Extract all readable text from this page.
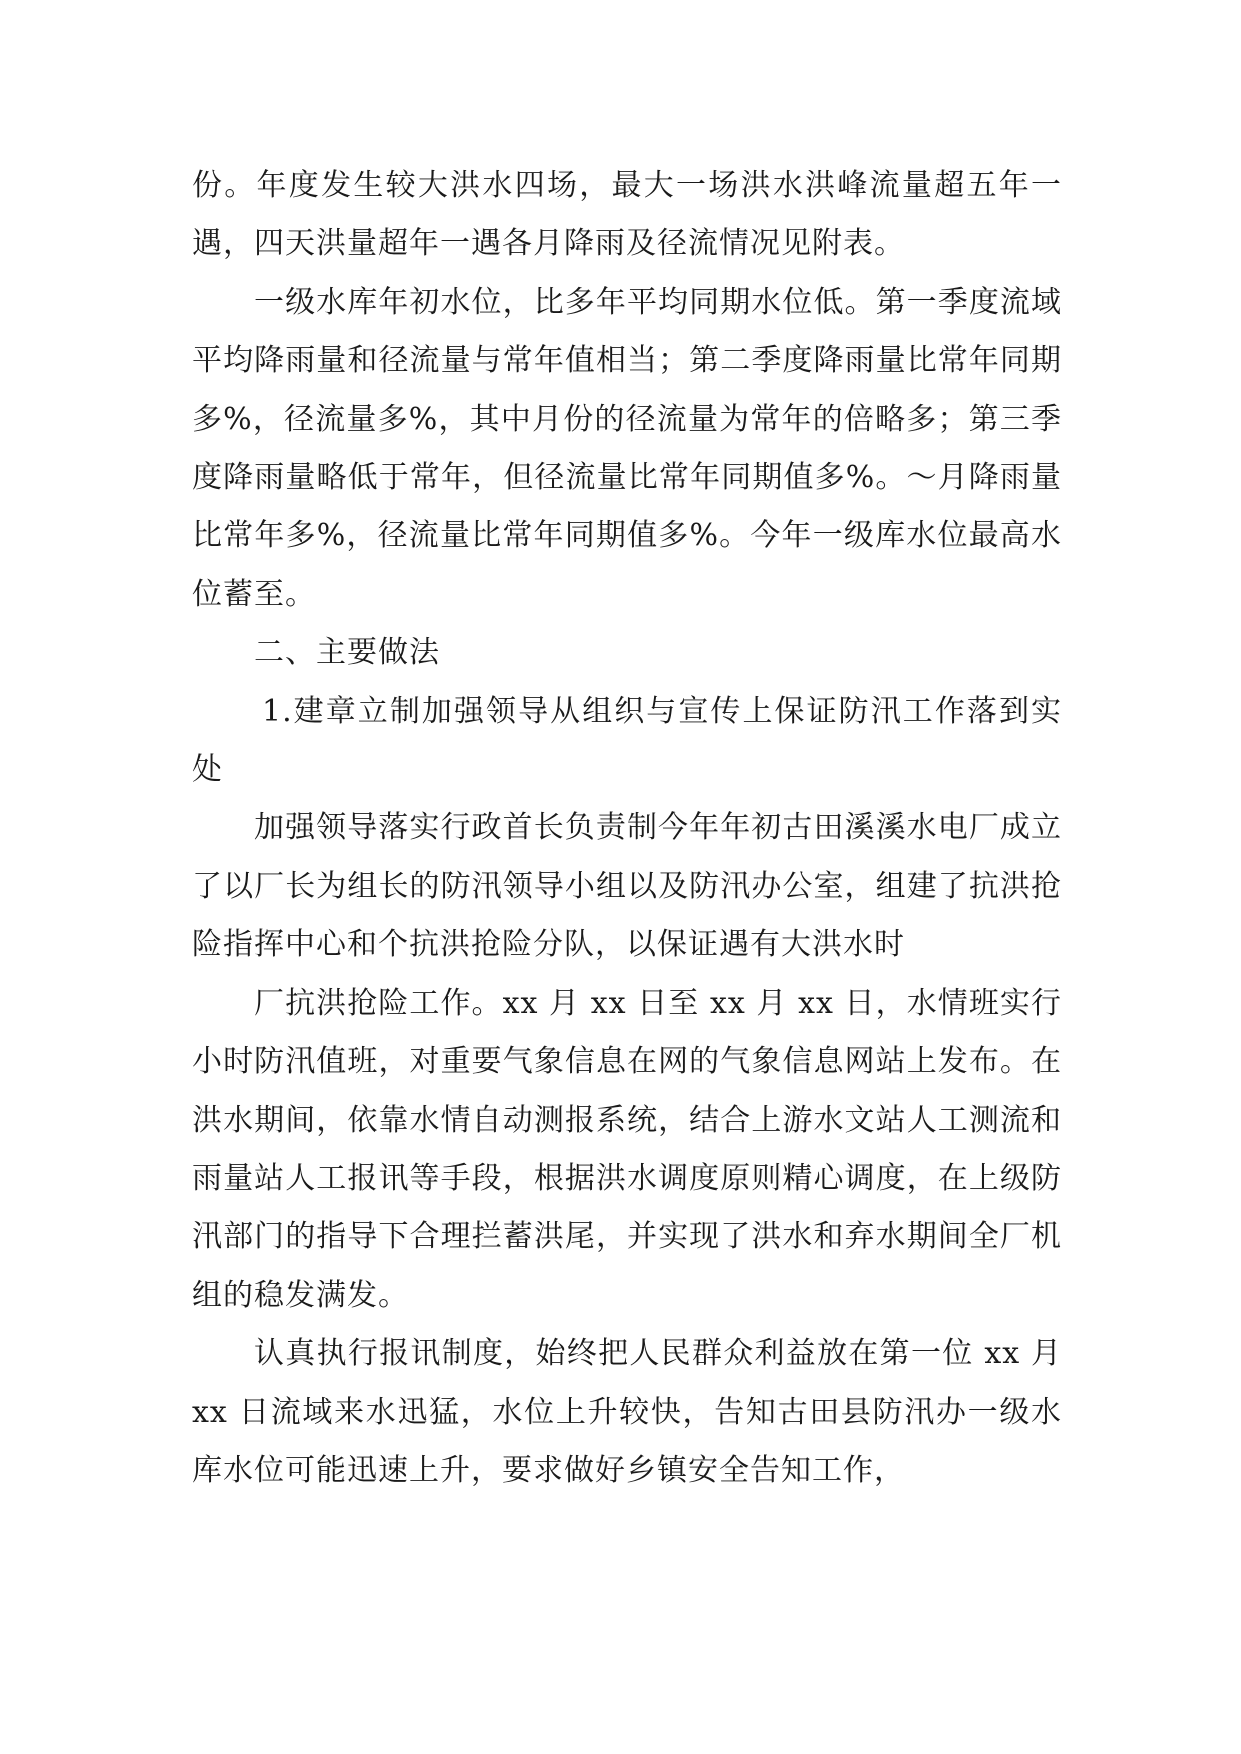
份。年度发生较大洪水四场，最大一场洪水洪峰流量超五年一遇，四天洪量超年一遇各月降雨及径流情况见附表。

一级水库年初水位，比多年平均同期水位低。第一季度流域平均降雨量和径流量与常年值相当；第二季度降雨量比常年同期多%，径流量多%，其中月份的径流量为常年的倍略多；第三季度降雨量略低于常年，但径流量比常年同期值多%。～月降雨量比常年多%，径流量比常年同期值多%。今年一级库水位最高水位蓄至。

二、主要做法

1.建章立制加强领导从组织与宣传上保证防汛工作落到实处

加强领导落实行政首长负责制今年年初古田溪溪水电厂成立了以厂长为组长的防汛领导小组以及防汛办公室，组建了抗洪抢险指挥中心和个抗洪抢险分队，以保证遇有大洪水时

厂抗洪抢险工作。xx 月 xx 日至 xx 月 xx 日，水情班实行小时防汛值班，对重要气象信息在网的气象信息网站上发布。在洪水期间，依靠水情自动测报系统，结合上游水文站人工测流和雨量站人工报讯等手段，根据洪水调度原则精心调度，在上级防汛部门的指导下合理拦蓄洪尾，并实现了洪水和弃水期间全厂机组的稳发满发。

认真执行报讯制度，始终把人民群众利益放在第一位 xx 月 xx 日流域来水迅猛，水位上升较快，告知古田县防汛办一级水库水位可能迅速上升，要求做好乡镇安全告知工作，
